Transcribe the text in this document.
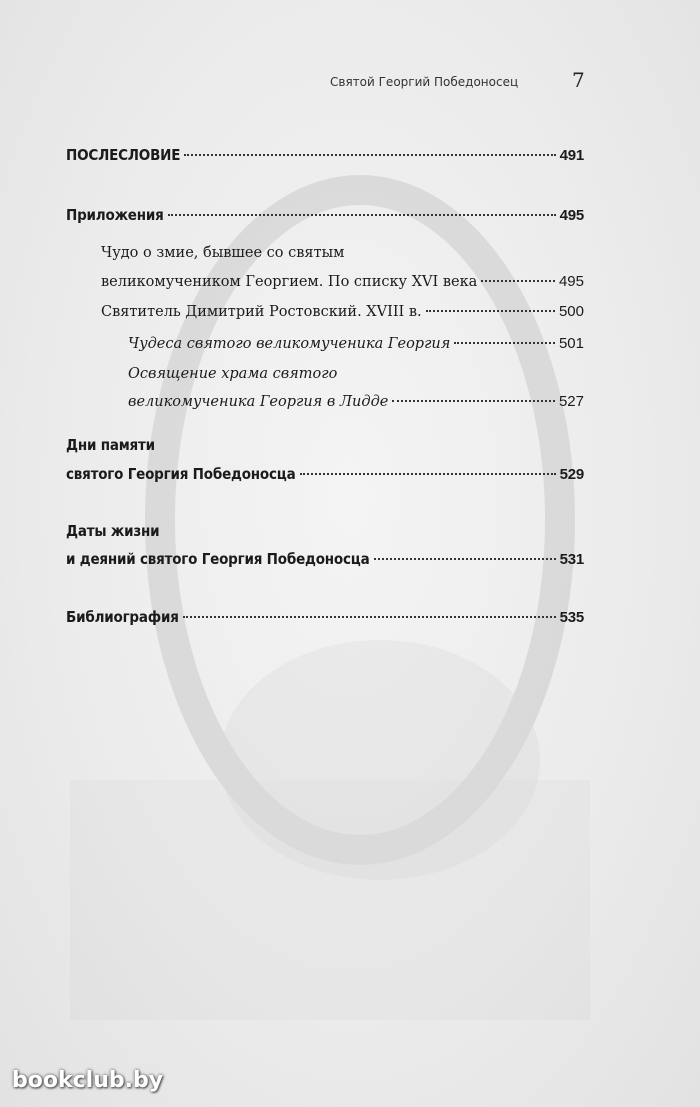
Святой Георгий Победоносец	7
ПОСЛЕСЛОВИЕ	491
Приложения	495
Чудо о змие, бывшее со святым
великомучеником Георгием. По списку XVI века	495
Святитель Димитрий Ростовский. XVIII в.	500
Чудеса святого великомученика Георгия	501
Освящение храма святого
великомученика Георгия в Лидде	527
Дни памяти
святого Георгия Победоносца	529
Даты жизни
и деяний святого Георгия Победоносца	531
Библиография	535
bookclub.by
